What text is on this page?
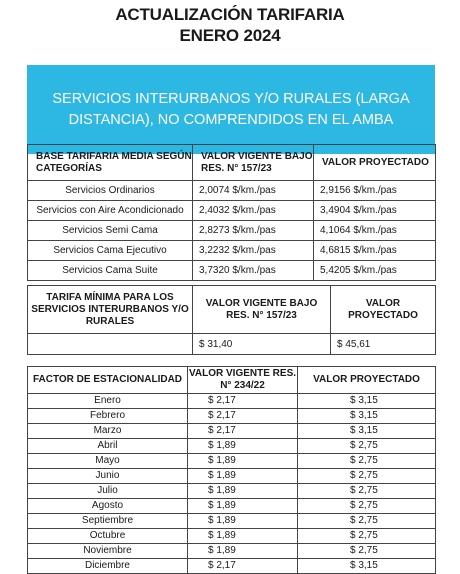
ACTUALIZACIÓN TARIFARIA
ENERO 2024
SERVICIOS INTERURBANOS Y/O RURALES (LARGA DISTANCIA), NO COMPRENDIDOS EN EL AMBA
BASE TARIFARIA MEDIA SEGÚN CATEGORÍAS	VALOR VIGENTE BAJO RES. N° 157/23	VALOR PROYECTADO
Servicios Ordinarios	2,0074 $/km./pas	2,9156 $/km./pas
Servicios con Aire Acondicionado	2,4032 $/km./pas	3,4904 $/km./pas
Servicios Semi Cama	2,8273 $/km./pas	4,1064 $/km./pas
Servicios Cama Ejecutivo	3,2232 $/km./pas	4,6815 $/km./pas
Servicios Cama Suite	3,7320 $/km./pas	5,4205 $/km./pas
TARIFA MÍNIMA PARA LOS SERVICIOS INTERURBANOS Y/O RURALES	VALOR VIGENTE BAJO RES. N° 157/23	VALOR PROYECTADO
	$ 31,40	$ 45,61
FACTOR DE ESTACIONALIDAD	VALOR VIGENTE RES. N° 234/22	VALOR PROYECTADO
Enero	$ 2,17	$ 3,15
Febrero	$ 2,17	$ 3,15
Marzo	$ 2,17	$ 3,15
Abril	$ 1,89	$ 2,75
Mayo	$ 1,89	$ 2,75
Junio	$ 1,89	$ 2,75
Julio	$ 1,89	$ 2,75
Agosto	$ 1,89	$ 2,75
Septiembre	$ 1,89	$ 2,75
Octubre	$ 1,89	$ 2,75
Noviembre	$ 1,89	$ 2,75
Diciembre	$ 2,17	$ 3,15
